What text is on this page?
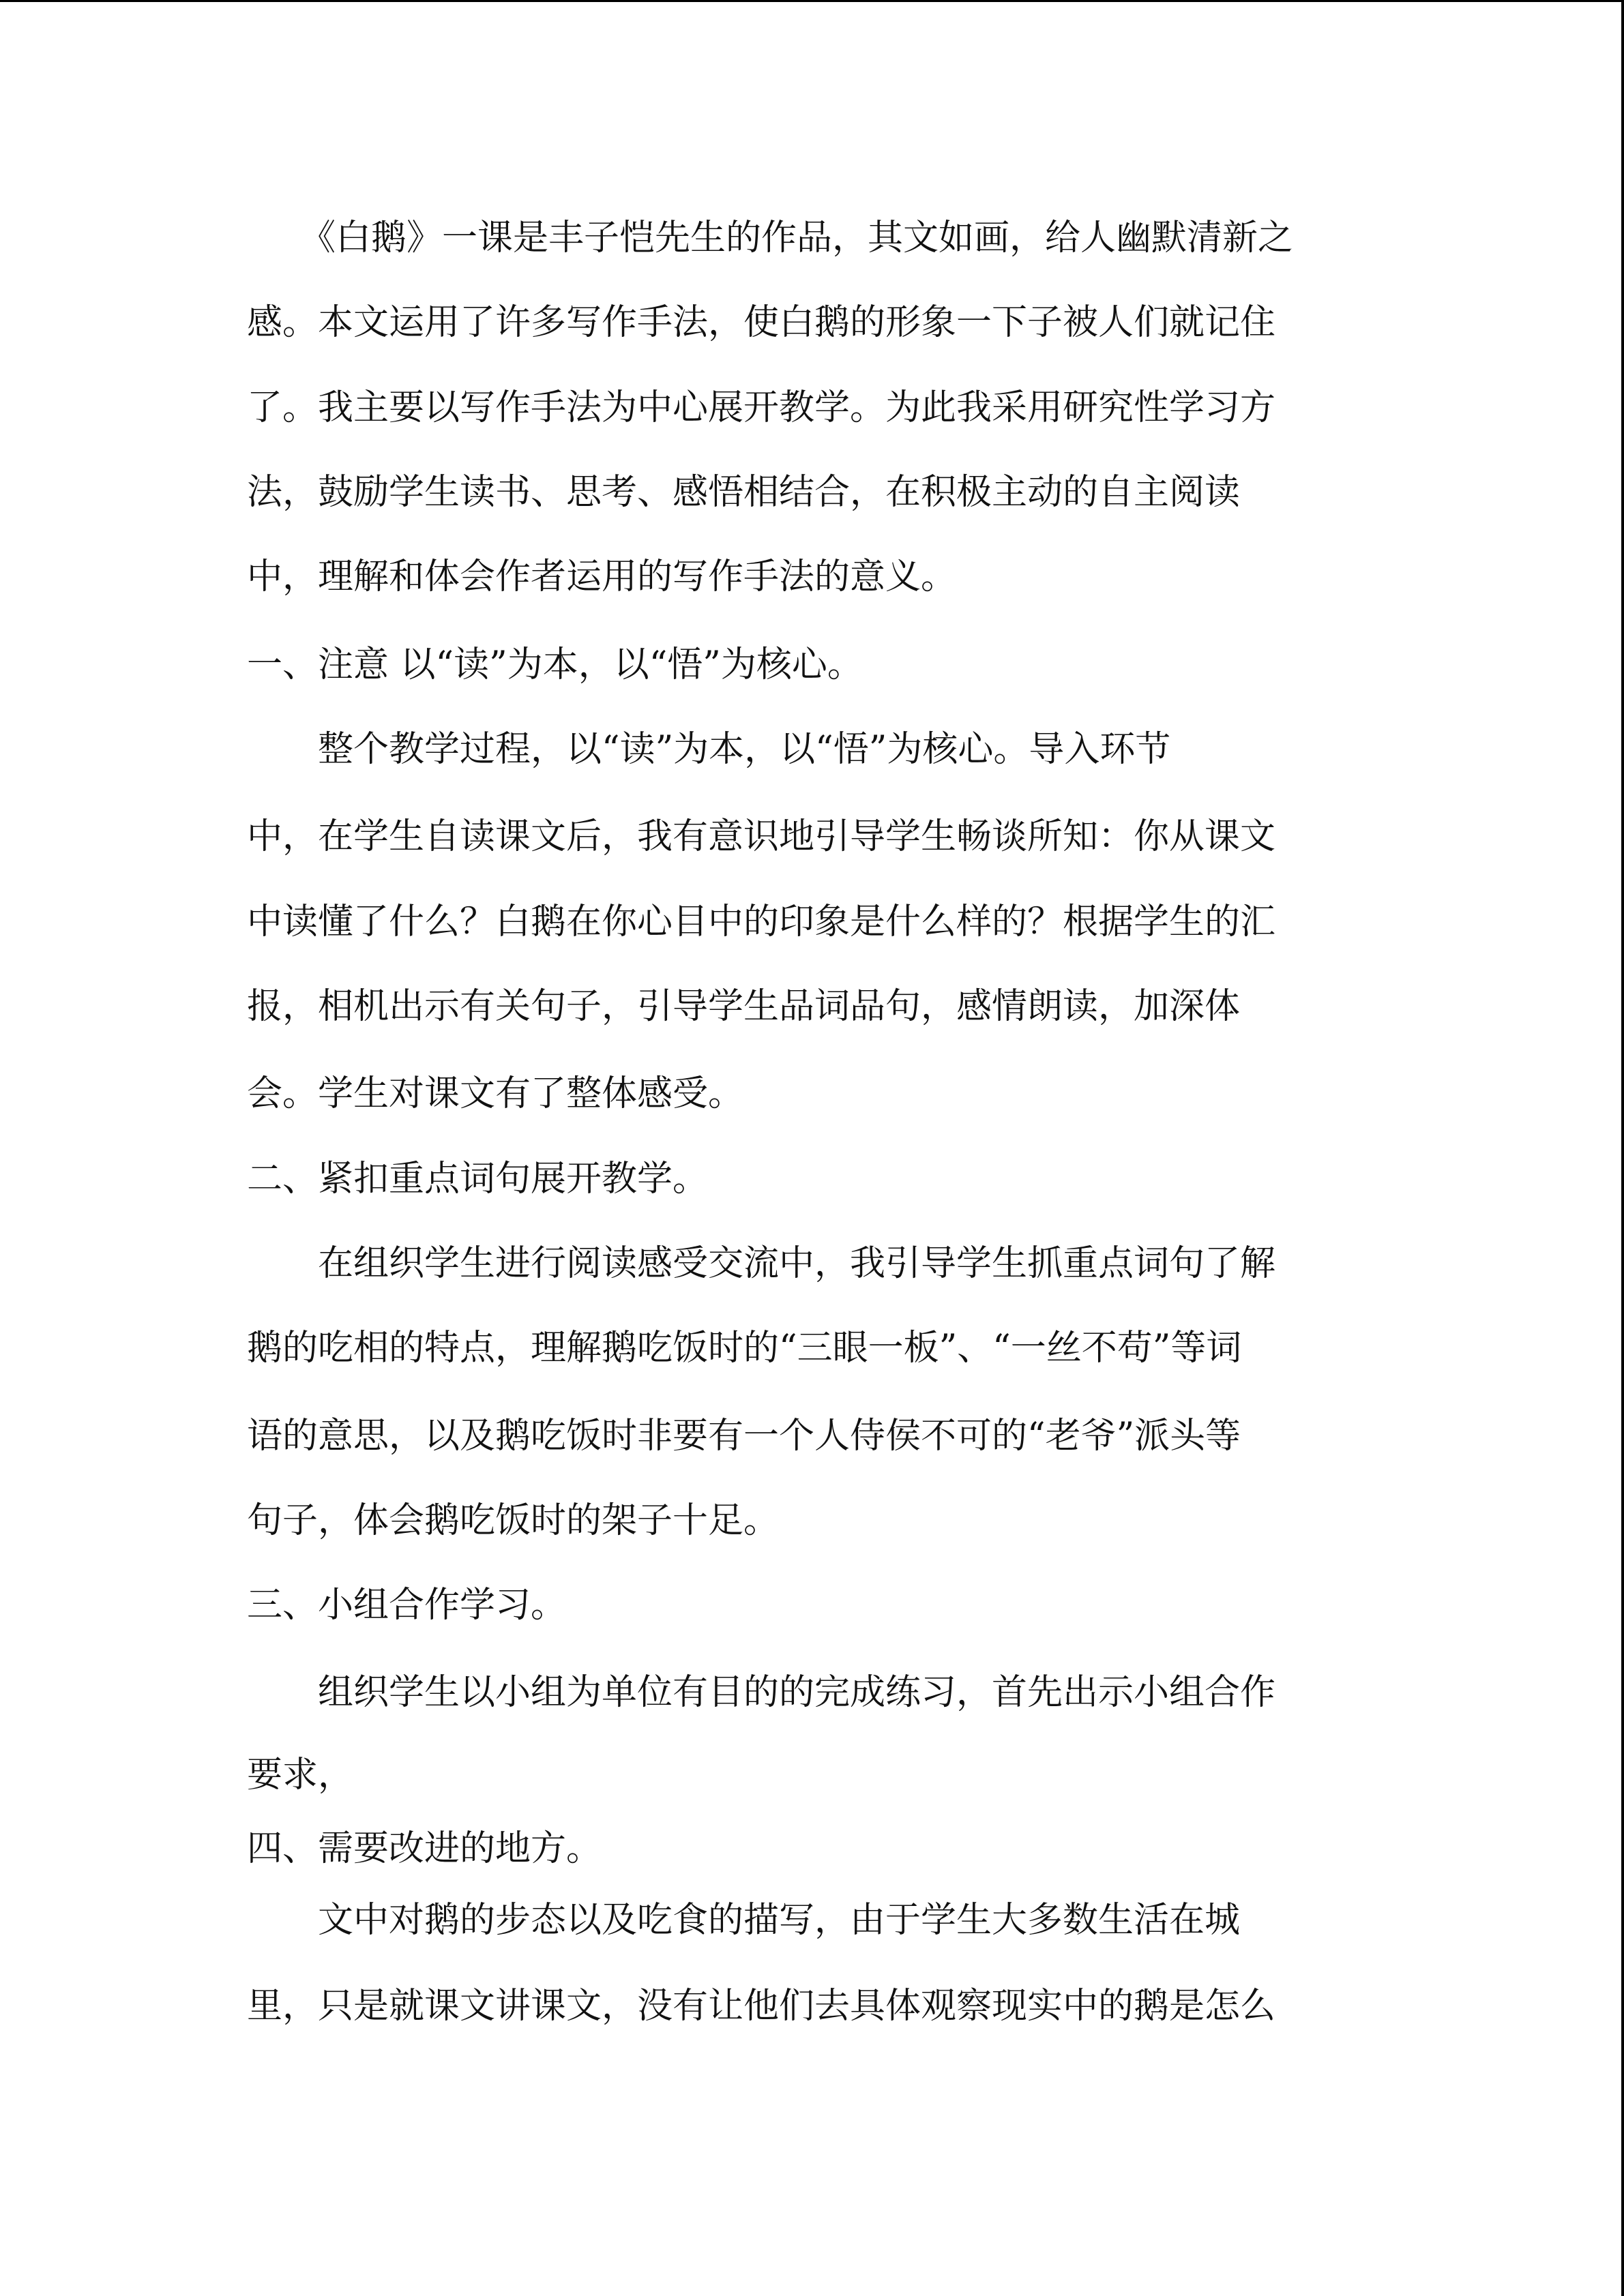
　　《白鹅》一课是丰子恺先生的作品，其文如画，给人幽默清新之
感。本文运用了许多写作手法，使白鹅的形象一下子被人们就记住
了。我主要以写作手法为中心展开教学。为此我采用研究性学习方
法，鼓励学生读书、思考、感悟相结合，在积极主动的自主阅读
中，理解和体会作者运用的写作手法的意义。
一、注意 以“读”为本，以“悟”为核心。
　　整个教学过程，以“读”为本，以“悟”为核心。导入环节
中，在学生自读课文后，我有意识地引导学生畅谈所知：你从课文
中读懂了什么？白鹅在你心目中的印象是什么样的？根据学生的汇
报，相机出示有关句子，引导学生品词品句，感情朗读，加深体
会。学生对课文有了整体感受。
二、紧扣重点词句展开教学。
　　在组织学生进行阅读感受交流中，我引导学生抓重点词句了解
鹅的吃相的特点，理解鹅吃饭时的“三眼一板”、“一丝不苟”等词
语的意思，以及鹅吃饭时非要有一个人侍侯不可的“老爷”派头等
句子，体会鹅吃饭时的架子十足。
三、小组合作学习。
　　组织学生以小组为单位有目的的完成练习，首先出示小组合作
要求，
四、需要改进的地方。
　　文中对鹅的步态以及吃食的描写，由于学生大多数生活在城
里，只是就课文讲课文，没有让他们去具体观察现实中的鹅是怎么
